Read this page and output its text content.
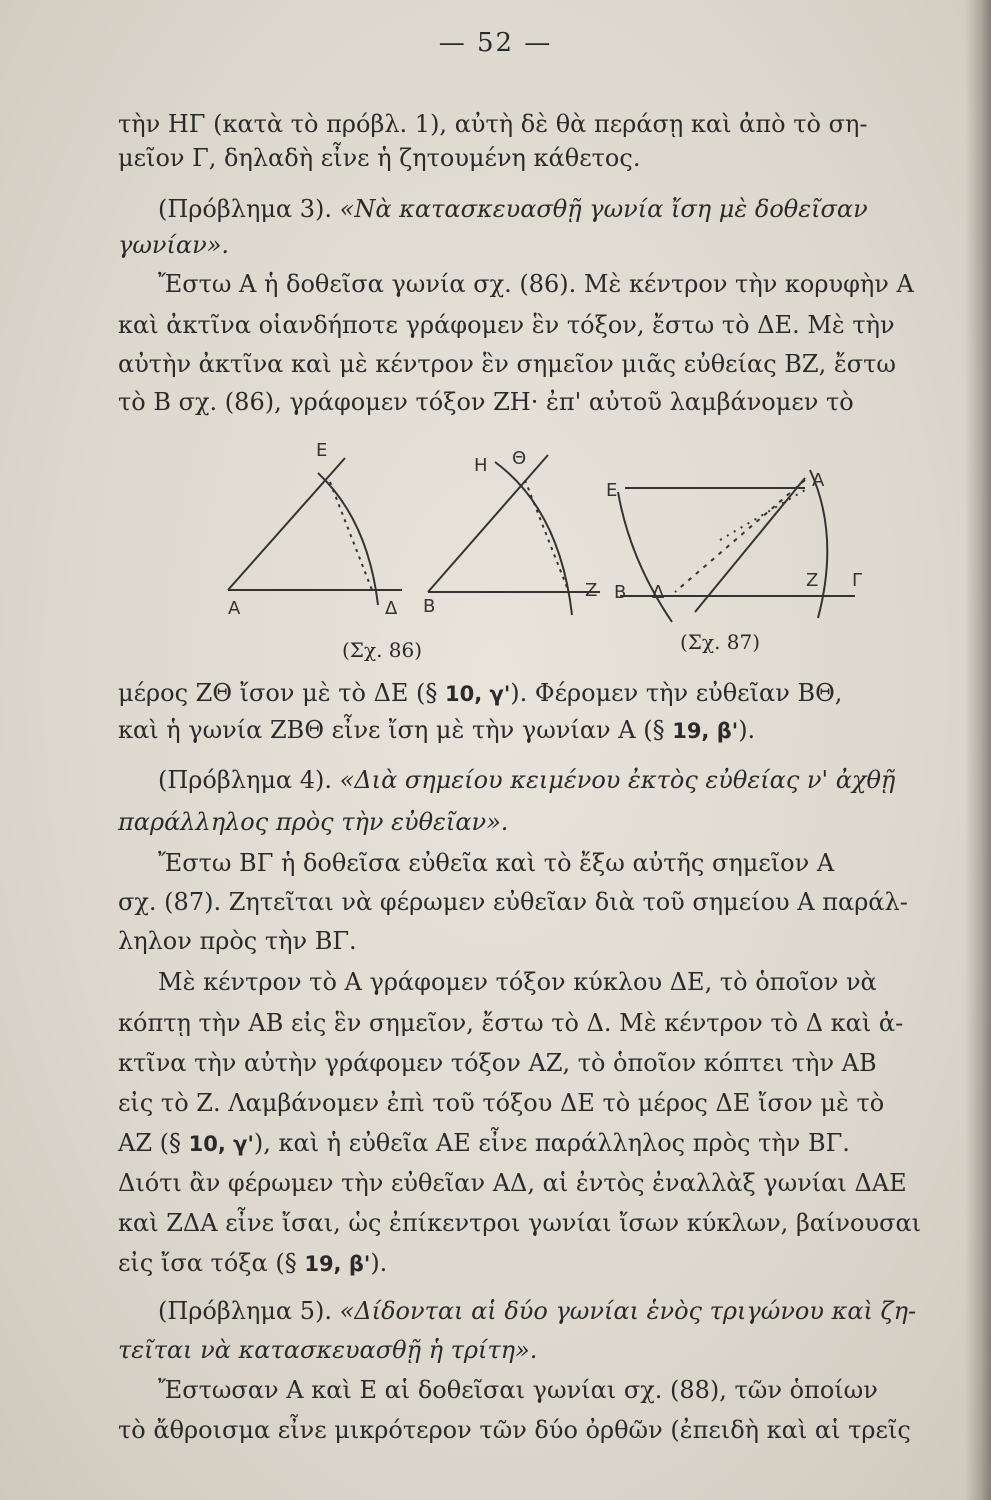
— 52 —
τὴν ΗΓ (κατὰ τὸ πρόβλ. 1), αὐτὴ δὲ θὰ περάσῃ καὶ ἀπὸ τὸ ση-
μεῖον Γ, δηλαδὴ εἶνε ἡ ζητουμένη κάθετος.
(Πρόβλημα 3). «Νὰ κατασκευασθῇ γωνία ἴση μὲ δοθεῖσαν
γωνίαν».
Ἔστω Α ἡ δοθεῖσα γωνία σχ. (86). Μὲ κέντρον τὴν κορυφὴν Α
καὶ ἀκτῖνα οἱανδήποτε γράφομεν ἓν τόξον, ἔστω τὸ ΔΕ. Μὲ τὴν
αὐτὴν ἀκτῖνα καὶ μὲ κέντρον ἓν σημεῖον μιᾶς εὐθείας ΒΖ, ἔστω
τὸ Β σχ. (86), γράφομεν τόξον ΖΗ· ἐπ' αὐτοῦ λαμβάνομεν τὸ
Ε
Δ
Α
Η Θ
Β
Ζ
Ε	Α
Β Δ
Ζ Γ
(Σχ. 86)	(Σχ. 87)
μέρος ΖΘ ἴσον μὲ τὸ ΔΕ (§ 10, γ'). Φέρομεν τὴν εὐθεῖαν ΒΘ,
καὶ ἡ γωνία ΖΒΘ εἶνε ἴση μὲ τὴν γωνίαν Α (§ 19, β').
(Πρόβλημα 4). «Διὰ σημείου κειμένου ἐκτὸς εὐθείας ν' ἀχθῇ
παράλληλος πρὸς τὴν εὐθεῖαν».
Ἔστω ΒΓ ἡ δοθεῖσα εὐθεῖα καὶ τὸ ἔξω αὐτῆς σημεῖον Α
σχ. (87). Ζητεῖται νὰ φέρωμεν εὐθεῖαν διὰ τοῦ σημείου Α παράλ-
ληλον πρὸς τὴν ΒΓ.
Μὲ κέντρον τὸ Α γράφομεν τόξον κύκλου ΔΕ, τὸ ὁποῖον νὰ
κόπτῃ τὴν ΑΒ εἰς ἓν σημεῖον, ἔστω τὸ Δ. Μὲ κέντρον τὸ Δ καὶ ἀ-
κτῖνα τὴν αὐτὴν γράφομεν τόξον ΑΖ, τὸ ὁποῖον κόπτει τὴν ΑΒ
εἰς τὸ Ζ. Λαμβάνομεν ἐπὶ τοῦ τόξου ΔΕ τὸ μέρος ΔΕ ἴσον μὲ τὸ
ΑΖ (§ 10, γ'), καὶ ἡ εὐθεῖα ΑΕ εἶνε παράλληλος πρὸς τὴν ΒΓ.
Διότι ἂν φέρωμεν τὴν εὐθεῖαν ΑΔ, αἱ ἐντὸς ἐναλλὰξ γωνίαι ΔΑΕ
καὶ ΖΔΑ εἶνε ἴσαι, ὡς ἐπίκεντροι γωνίαι ἴσων κύκλων, βαίνουσαι
εἰς ἴσα τόξα (§ 19, β').
(Πρόβλημα 5). «Δίδονται αἱ δύο γωνίαι ἑνὸς τριγώνου καὶ ζη-
τεῖται νὰ κατασκευασθῇ ἡ τρίτη».
Ἔστωσαν Α καὶ Ε αἱ δοθεῖσαι γωνίαι σχ. (88), τῶν ὁποίων
τὸ ἄθροισμα εἶνε μικρότερον τῶν δύο ὀρθῶν (ἐπειδὴ καὶ αἱ τρεῖς
